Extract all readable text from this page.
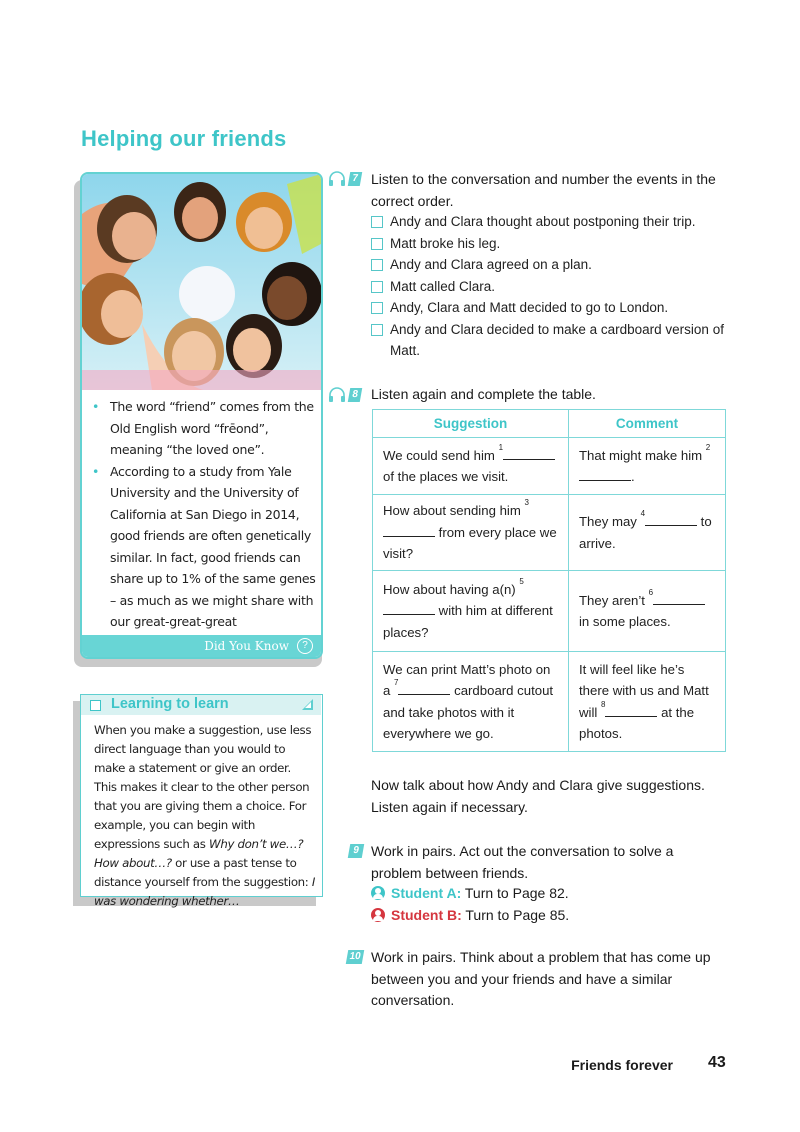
Helping our friends
• The word “friend” comes from the Old English word “frēond”, meaning “the loved one”.
• According to a study from Yale University and the University of California at San Diego in 2014, good friends are often genetically similar. In fact, good friends can share up to 1% of the same genes – as much as we might share with our great-great-great
Did You Know	?
Learning to learn
When you make a suggestion, use less direct language than you would to make a statement or give an order. This makes it clear to the other person that you are giving them a choice. For example, you can begin with expressions such as Why don’t we…? How about…? or use a past tense to distance yourself from the suggestion: I was wondering whether…
7 Listen to the conversation and number the events in the correct order.
Andy and Clara thought about postponing their trip.
Matt broke his leg.
Andy and Clara agreed on a plan.
Matt called Clara.
Andy, Clara and Matt decided to go to London.
Andy and Clara decided to make a cardboard version of Matt.
8 Listen again and complete the table.
Suggestion	Comment
We could send him $^1$ of the places we visit.	That might make him $^2$.
How about sending him $^3$ from every place we visit?	They may $^4$ to arrive.
How about having a(n) $^5$ with him at different places?	They aren’t $^6$ in some places.
We can print Matt’s photo on a $^7$ cardboard cutout and take photos with it everywhere we go.	It will feel like he’s there with us and Matt will $^8$ at the photos.
Now talk about how Andy and Clara give suggestions. Listen again if necessary.
9 Work in pairs. Act out the conversation to solve a problem between friends.
Student A: Turn to Page 82.
Student B: Turn to Page 85.
10 Work in pairs. Think about a problem that has come up between you and your friends and have a similar conversation.
Friends forever 43
